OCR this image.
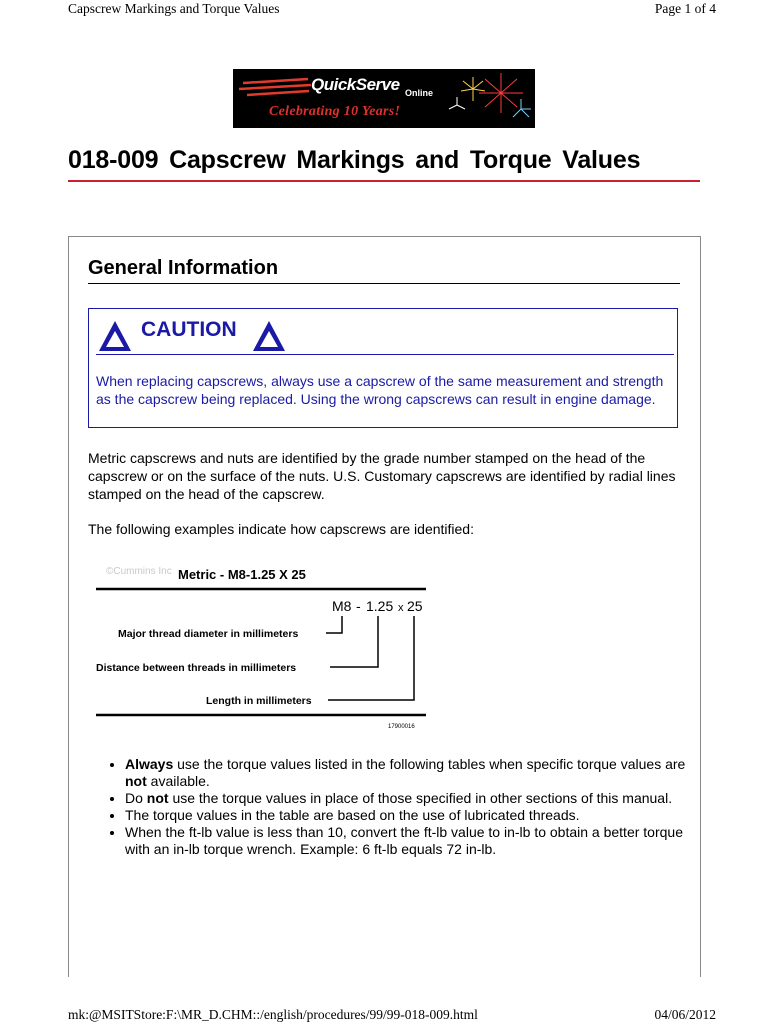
Capscrew Markings and Torque Values	Page 1 of 4
QuickServe Online
Celebrating 10 Years!
018-009 Capscrew Markings and Torque Values
General Information
CAUTION

When replacing capscrews, always use a capscrew of the same measurement and strength as the capscrew being replaced. Using the wrong capscrews can result in engine damage.

Metric capscrews and nuts are identified by the grade number stamped on the head of the capscrew or on the surface of the nuts. U.S. Customary capscrews are identified by radial lines stamped on the head of the capscrew.

The following examples indicate how capscrews are identified:

©Cummins Inc Metric - M8-1.25 X 25
M8 - 1.25 x 25
Major thread diameter in millimeters
Distance between threads in millimeters
Length in millimeters
17900016
• Always use the torque values listed in the following tables when specific torque values are not available.
• Do not use the torque values in place of those specified in other sections of this manual.
• The torque values in the table are based on the use of lubricated threads.
• When the ft-lb value is less than 10, convert the ft-lb value to in-lb to obtain a better torque with an in-lb torque wrench. Example: 6 ft-lb equals 72 in-lb.
mk:@MSITStore:F:\MR_D.CHM::/english/procedures/99/99-018-009.html	04/06/2012
